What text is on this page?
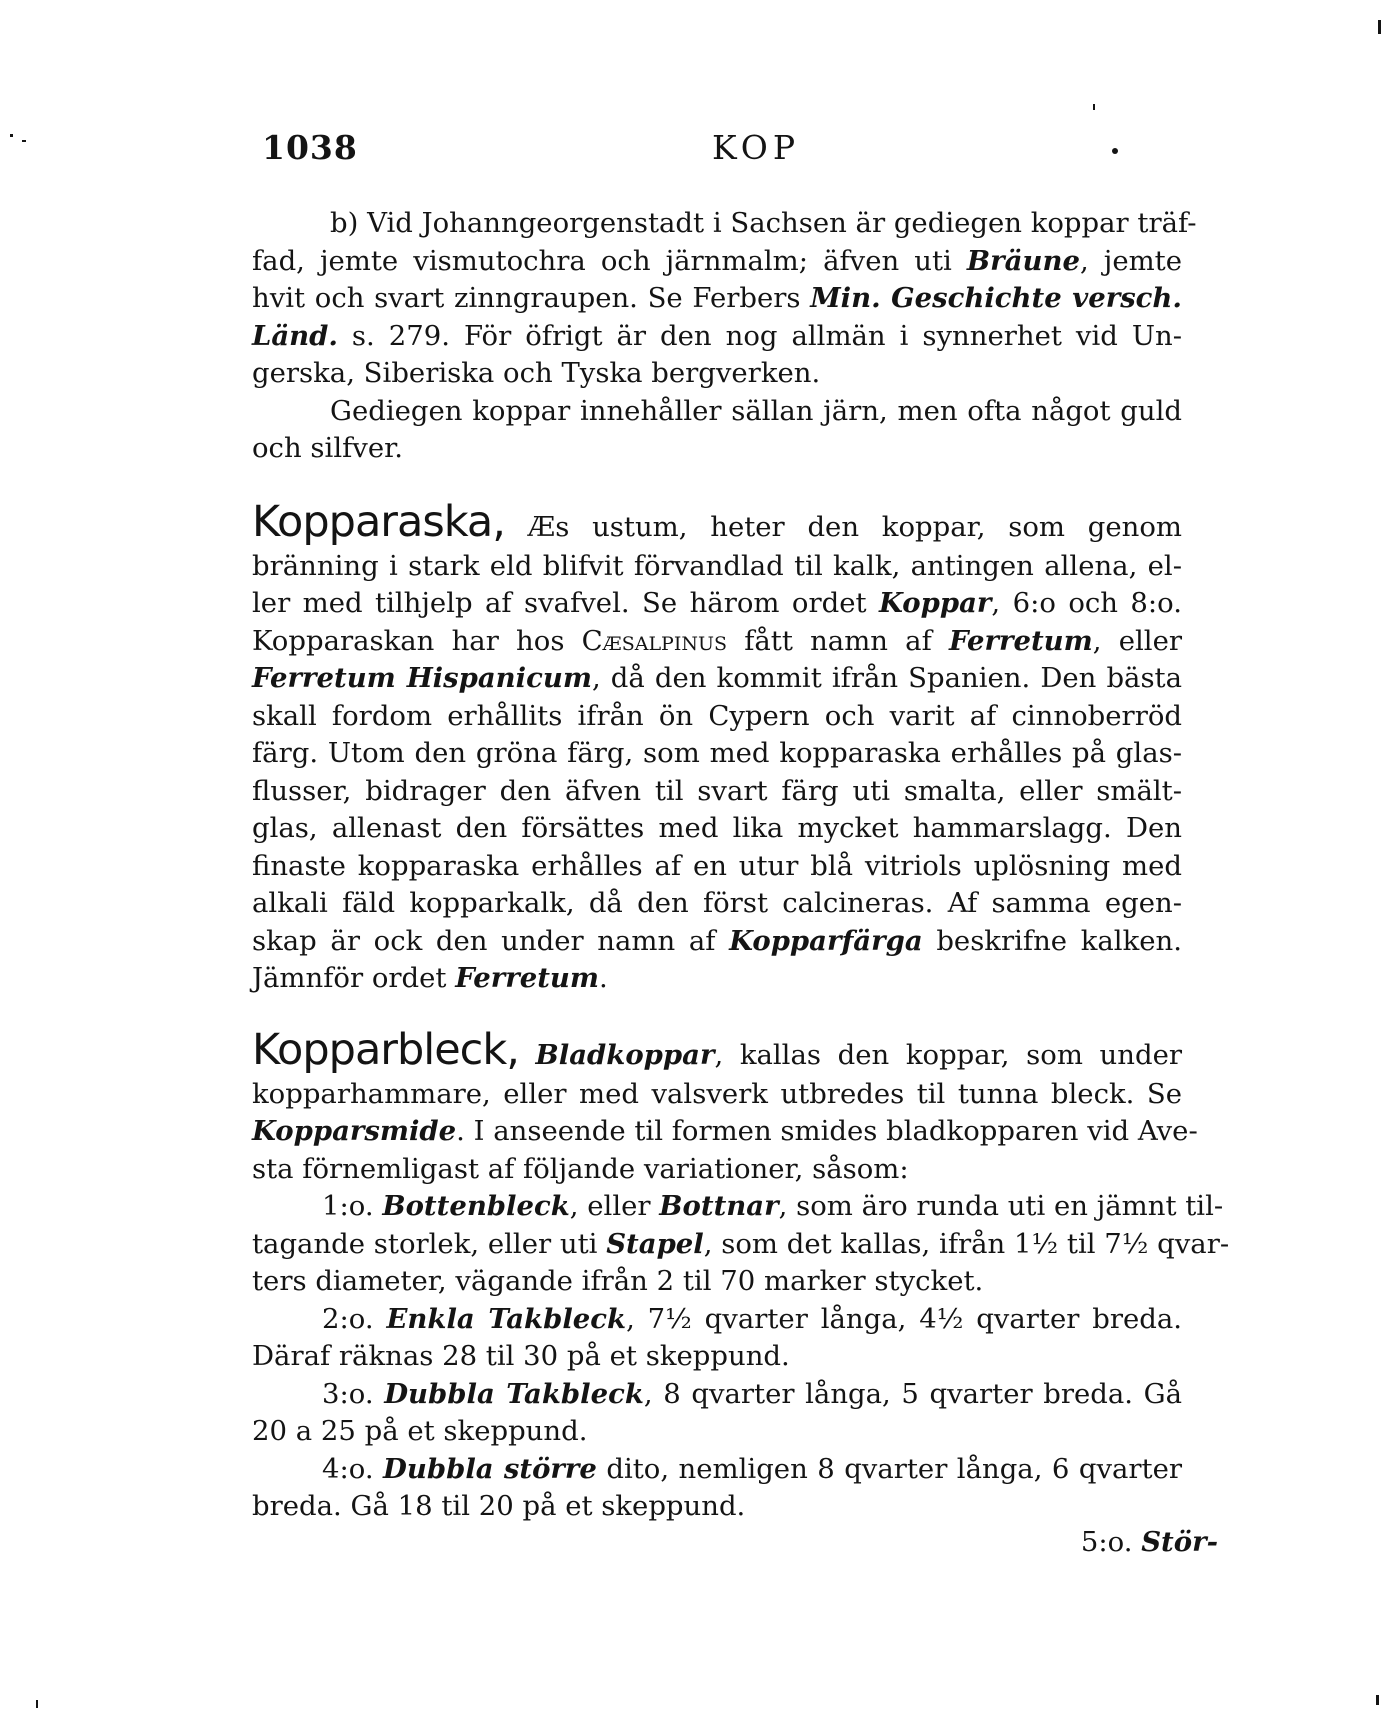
1038	KOP
b) Vid Johanngeorgenstadt i Sachsen är gediegen koppar träf-
fad, jemte vismutochra och järnmalm; äfven uti Bräune, jemte
hvit och svart zinngraupen. Se Ferbers Min. Geschichte versch.
Länd. s. 279. För öfrigt är den nog allmän i synnerhet vid Un-
gerska, Siberiska och Tyska bergverken.
Gediegen koppar innehåller sällan järn, men ofta något guld
och silfver.
Kopparaska, Æs ustum, heter den koppar, som genom
bränning i stark eld blifvit förvandlad til kalk, antingen allena, el-
ler med tilhjelp af svafvel. Se härom ordet Koppar, 6:o och 8:o.
Kopparaskan har hos Cæsalpinus fått namn af Ferretum, eller
Ferretum Hispanicum, då den kommit ifrån Spanien. Den bästa
skall fordom erhållits ifrån ön Cypern och varit af cinnoberröd
färg. Utom den gröna färg, som med kopparaska erhålles på glas-
flusser, bidrager den äfven til svart färg uti smalta, eller smält-
glas, allenast den försättes med lika mycket hammarslagg. Den
finaste kopparaska erhålles af en utur blå vitriols uplösning med
alkali fäld kopparkalk, då den först calcineras. Af samma egen-
skap är ock den under namn af Kopparfärga beskrifne kalken.
Jämnför ordet Ferretum.
Kopparbleck, Bladkoppar, kallas den koppar, som under
kopparhammare, eller med valsverk utbredes til tunna bleck. Se
Kopparsmide. I anseende til formen smides bladkopparen vid Ave-
sta förnemligast af följande variationer, såsom:
1:o. Bottenbleck, eller Bottnar, som äro runda uti en jämnt til-
tagande storlek, eller uti Stapel, som det kallas, ifrån 1½ til 7½ qvar-
ters diameter, vägande ifrån 2 til 70 marker stycket.
2:o. Enkla Takbleck, 7½ qvarter långa, 4½ qvarter breda.
Däraf räknas 28 til 30 på et skeppund.
3:o. Dubbla Takbleck, 8 qvarter långa, 5 qvarter breda. Gå
20 a 25 på et skeppund.
4:o. Dubbla större dito, nemligen 8 qvarter långa, 6 qvarter
breda. Gå 18 til 20 på et skeppund.
5:o. Stör-
